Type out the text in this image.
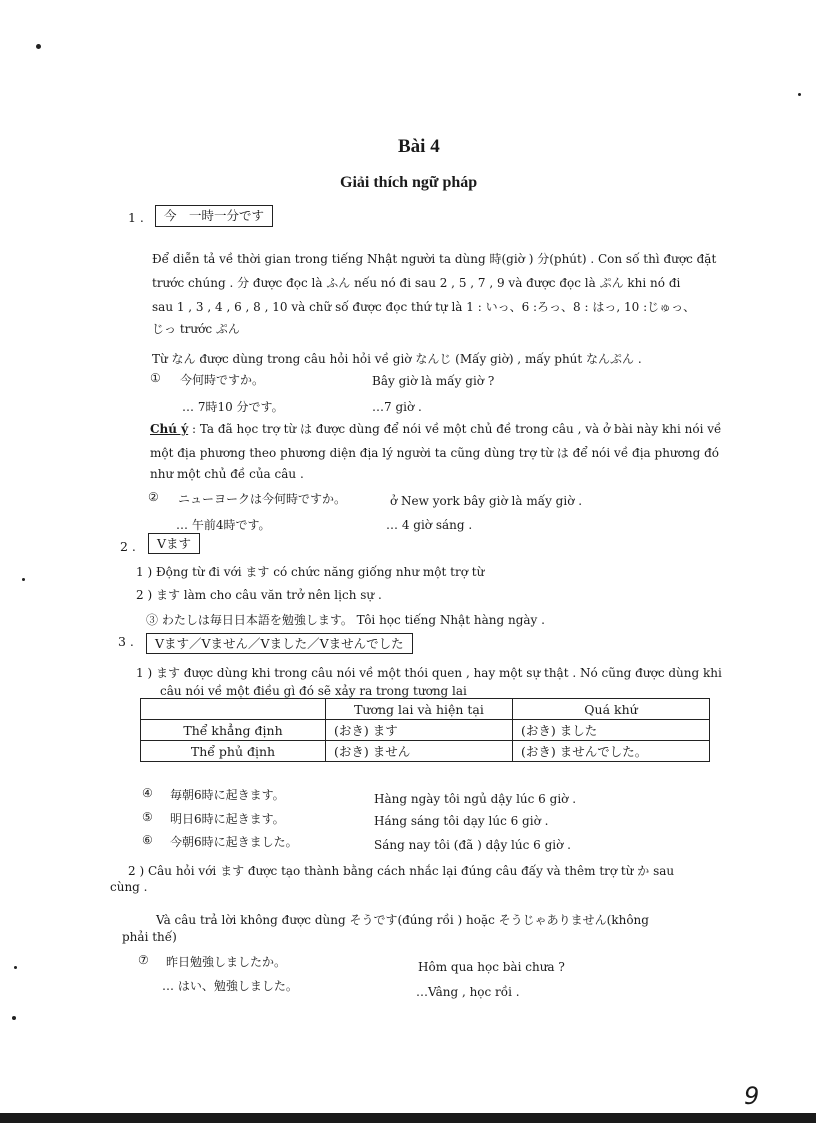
Bài 4
Giải thích ngữ pháp
1 .	今　一時一分です
Để diễn tả về thời gian trong tiếng Nhật người ta dùng 時(giờ ) 分(phút) . Con số thì được đặt
trước chúng . 分 được đọc là ふん nếu nó đi sau 2 , 5 , 7 , 9 và được đọc là ぷん khi nó đi
sau 1 , 3 , 4 , 6 , 8 , 10 và chữ số được đọc thứ tự là 1 : いっ、6 :ろっ、8 : はっ, 10 :じゅっ、
じっ trước ぷん
Từ なん được dùng trong câu hỏi hỏi về giờ なんじ (Mấy giờ) , mấy phút なんぷん .
① 今何時ですか。	Bây giờ là mấy giờ ?
… 7時10 分です。	…7 giờ .
Chú ý : Ta đã học trợ từ は được dùng để nói về một chủ đề trong câu , và ở bài này khi nói về
một địa phương theo phương diện địa lý người ta cũng dùng trợ từ は để nói về địa phương đó
như một chủ đề của câu .
② ニューヨークは今何時ですか。	ở New york bây giờ là mấy giờ .
… 午前4時です。	… 4 giờ sáng .
2 .	Vます
1 ) Động từ đi với ます có chức năng giống như một trợ từ
2 ) ます làm cho câu văn trở nên lịch sự .
③ わたしは毎日日本語を勉強します。 Tôi học tiếng Nhật hàng ngày .
3 .	Vます／Vません／Vました／Vませんでした
1 ) ます được dùng khi trong câu nói về một thói quen , hay một sự thật . Nó cũng được dùng khi
câu nói về một điều gì đó sẽ xảy ra trong tương lai
	Tương lai và hiện tại	Quá khứ
Thể khẳng định	(おき) ます	(おき) ました
Thể phủ định	(おき) ません	(おき) ませんでした。
④ 毎朝6時に起きます。	Hàng ngày tôi ngủ dậy lúc 6 giờ .
⑤ 明日6時に起きます。	Háng sáng tôi dạy lúc 6 giờ .
⑥ 今朝6時に起きました。	Sáng nay tôi (đã ) dậy lúc 6 giờ .
2 ) Câu hỏi với ます được tạo thành bằng cách nhắc lại đúng câu đấy và thêm trợ từ か sau
cùng .
Và câu trả lời không được dùng そうです(đúng rồi ) hoặc そうじゃありません(không
phải thế)
⑦ 昨日勉強しましたか。	Hôm qua học bài chưa ?
… はい、勉強しました。	…Vâng , học rồi .
9
